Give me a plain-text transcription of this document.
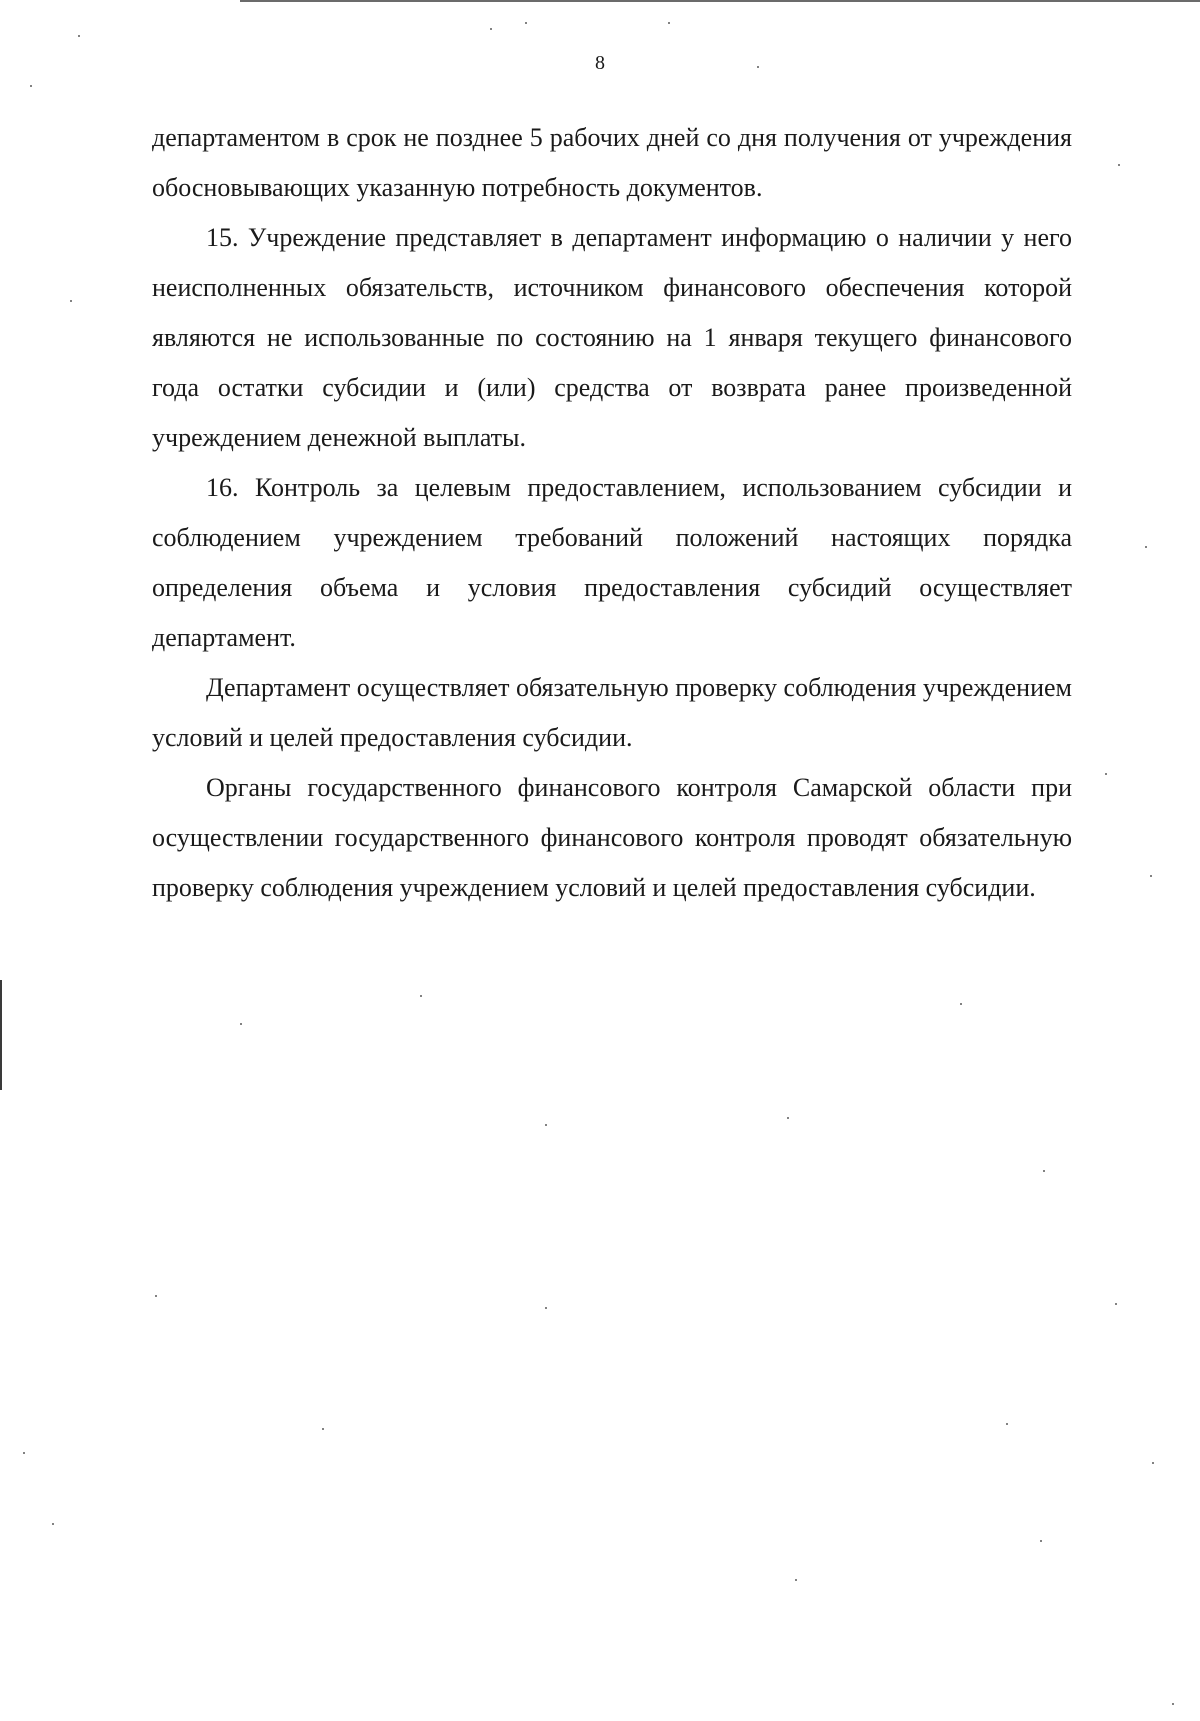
8

департаментом в срок не позднее 5 рабочих дней со дня получения от учреждения обосновывающих указанную потребность документов.

15. Учреждение представляет в департамент информацию о наличии у него неисполненных обязательств, источником финансового обеспечения которой являются не использованные по состоянию на 1 января текущего финансового года остатки субсидии и (или) средства от возврата ранее произведенной учреждением денежной выплаты.

16. Контроль за целевым предоставлением, использованием субсидии и соблюдением учреждением требований положений настоящих порядка определения объема и условия предоставления субсидий осуществляет департамент.

Департамент осуществляет обязательную проверку соблюдения учреждением условий и целей предоставления субсидии.

Органы государственного финансового контроля Самарской области при осуществлении государственного финансового контроля проводят обязательную проверку соблюдения учреждением условий и целей предоставления субсидии.
